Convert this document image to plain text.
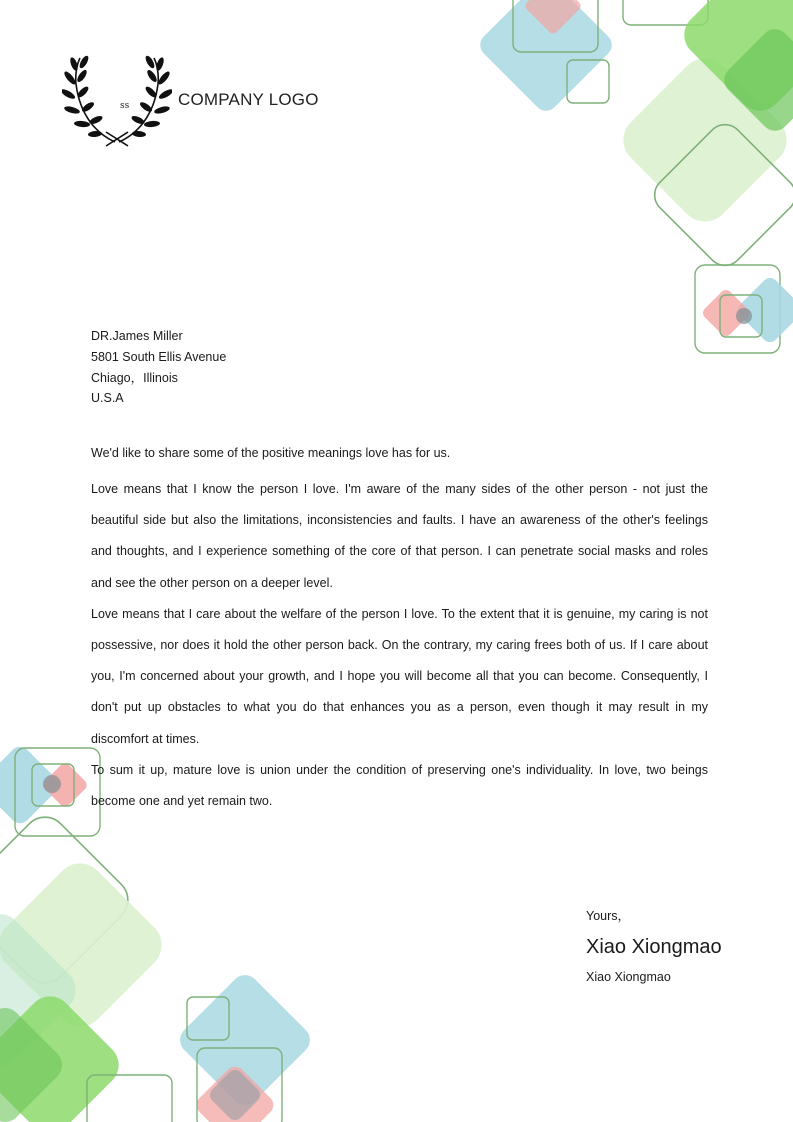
ss	COMPANY LOGO
DR.James Miller
5801 South Ellis Avenue
Chiago，Illinois
U.S.A

We'd like to share some of the positive meanings love has for us.

Love means that I know the person I love. I'm aware of the many sides of the other person - not just the beautiful side but also the limitations, inconsistencies and faults. I have an awareness of the other's feelings and thoughts, and I experience something of the core of that person. I can penetrate social masks and roles and see the other person on a deeper level.

Love means that I care about the welfare of the person I love. To the extent that it is genuine, my caring is not possessive, nor does it hold the other person back. On the contrary, my caring frees both of us. If I care about you, I'm concerned about your growth, and I hope you will become all that you can become. Consequently, I don't put up obstacles to what you do that enhances you as a person, even though it may result in my discomfort at times.

To sum it up, mature love is union under the condition of preserving one's individuality. In love, two beings become one and yet remain two.

Yours，
Xiao Xiongmao
Xiao Xiongmao
